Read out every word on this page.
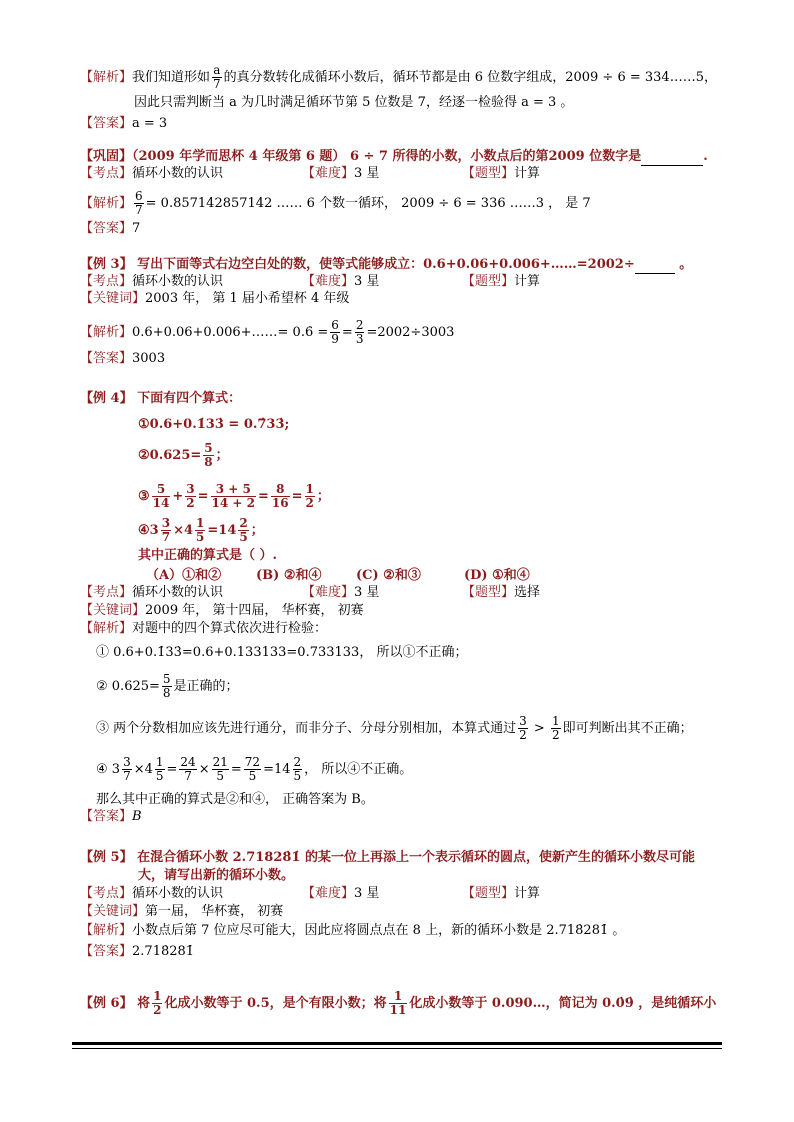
【解析】我们知道形如 $\frac{a}{7}$ 的真分数转化成循环小数后，循环节都是由 6 位数字组成，2009 ÷ 6 = 334……5，
因此只需判断当 a 为几时满足循环节第 5 位数是 7，经逐一检验得 a = 3 。
【答案】a = 3
【巩固】（2009 年学而思杯 4 年级第 6 题） 6 ÷ 7 所得的小数，小数点后的第2009 位数字是	.
【考点】循环小数的认识	【难度】3 星	【题型】计算
【解析】 $\frac{6}{7} = 0.857142857142$ …… 6 个数一循环， 2009 ÷ 6 = 336 ……3 ， 是 7
【答案】7
【例 3】 写出下面等式右边空白处的数，使等式能够成立：0.6+0.06+0.006+……=2002÷	。
【考点】循环小数的认识	【难度】3 星	【题型】计算
【关键词】2003 年， 第 1 届小希望杯 4 年级
【解析】0.6+0.06+0.006+……= 0.6̇ = $\frac{6}{9} = \frac{2}{3} =2002\div 3003$
【答案】3003
【例 4】 下面有四个算式：
①0.6+0.1̇33̇ = 0.7̇33̇;
②0.625= $\frac{5}{8}$ ；
③ $\frac{5}{14} + \frac{3}{2} = \frac{3 + 5}{14 + 2} = \frac{8}{16} = \frac{1}{2}$ ；
④3 $\frac{3}{7} \times 4 \frac{1}{5} =14 \frac{2}{5}$ ；
其中正确的算式是（ ）.
（A）①和②	(B) ②和④	(C) ②和③	(D) ①和④
【考点】循环小数的认识	【难度】3 星	【题型】选择
【关键词】2009 年， 第十四届， 华杯赛， 初赛
【解析】对题中的四个算式依次进行检验：
① 0.6+0.1̇33̇=0.6+0.133133=0.733133， 所以①不正确；
② $0.625= \frac{5}{8}$ 是正确的；
③ 两个分数相加应该先进行通分，而非分子、分母分别相加，本算式通过 $\frac{3}{2} > \frac{1}{2}$ 即可判断出其不正确；
④ $3 \frac{3}{7} \times 4 \frac{1}{5} = \frac{24}{7} \times \frac{21}{5} = \frac{72}{5} =14 \frac{2}{5}$ ， 所以④不正确。
那么其中正确的算式是②和④， 正确答案为 B。
【答案】B
【例 5】 在混合循环小数 2.71828̇1̇ 的某一位上再添上一个表示循环的圆点，使新产生的循环小数尽可能
大，请写出新的循环小数。
【考点】循环小数的认识	【难度】3 星	【题型】计算
【关键词】第一届， 华杯赛， 初赛
【解析】小数点后第 7 位应尽可能大，因此应将圆点点在 8 上，新的循环小数是 2.718̇281̇ 。
【答案】2.718̇281̇
【例 6】 将 $\frac{1}{2}$ 化成小数等于 0.5，是个有限小数；将 $\frac{1}{11}$ 化成小数等于 0.090…，简记为 0.0̇9̇ ，是纯循环小
